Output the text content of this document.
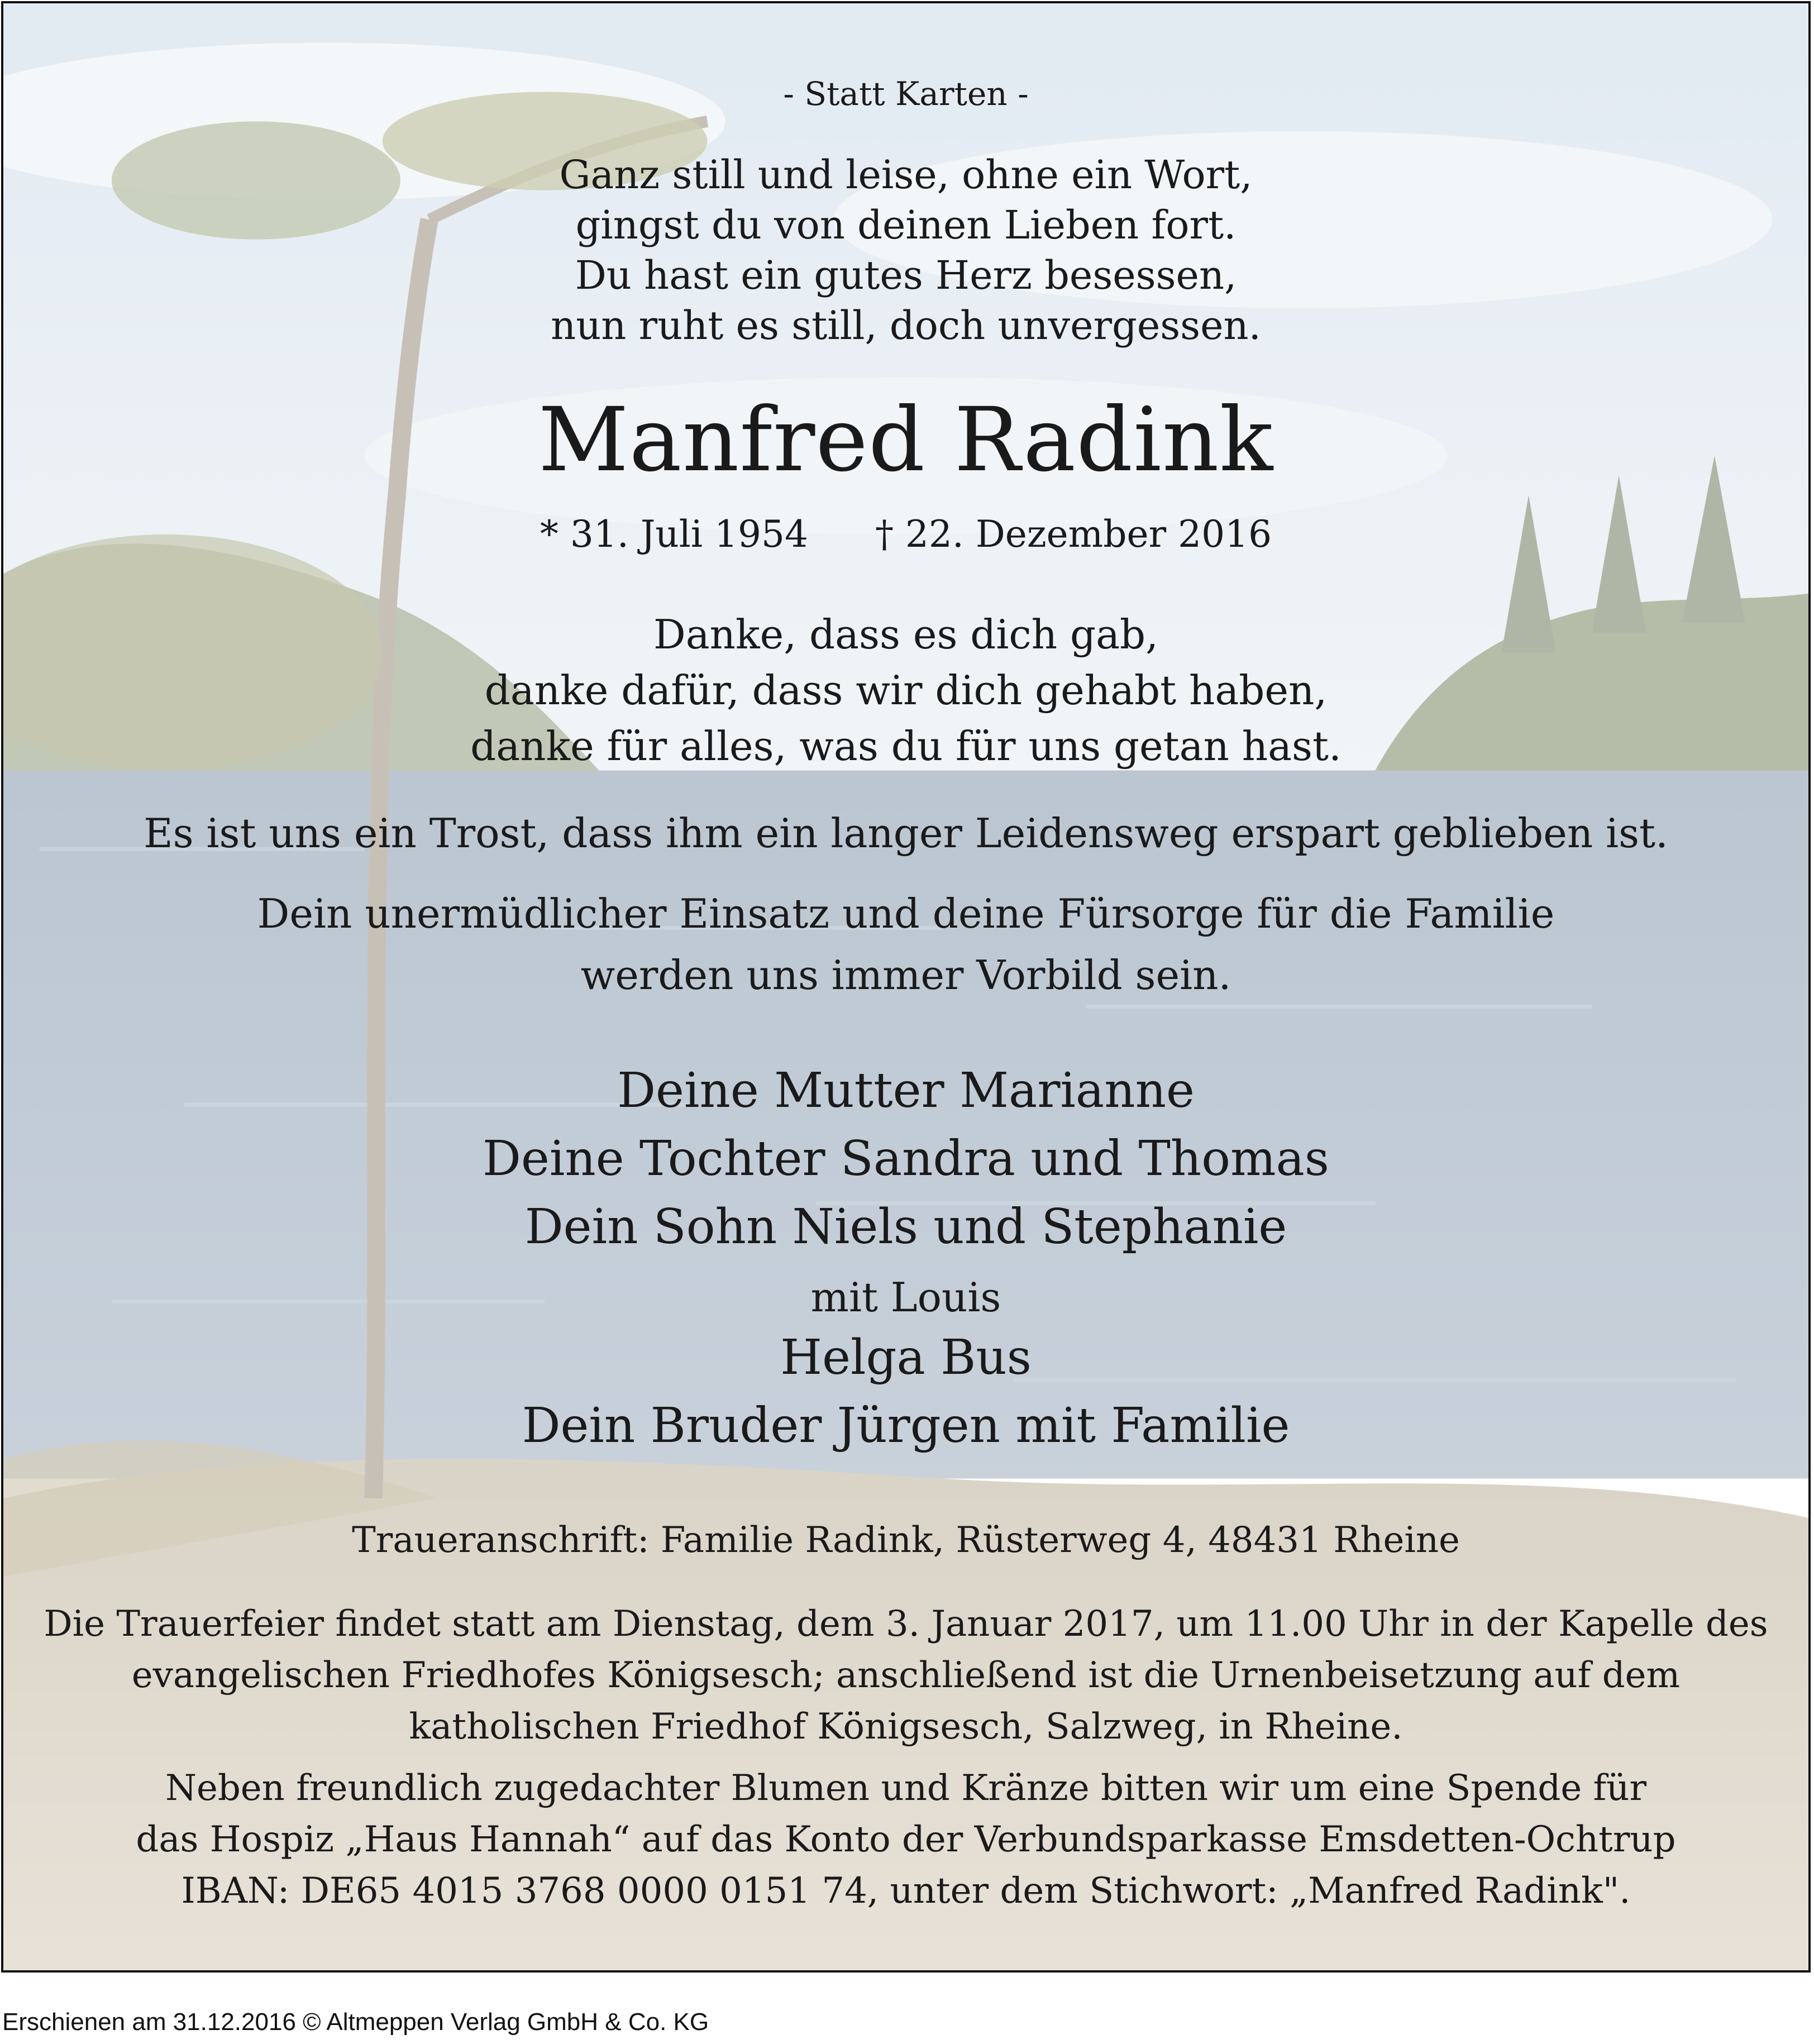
- Statt Karten -
Ganz still und leise, ohne ein Wort,
gingst du von deinen Lieben fort.
Du hast ein gutes Herz besessen,
nun ruht es still, doch unvergessen.
Manfred Radink
* 31. Juli 1954 † 22. Dezember 2016
Danke, dass es dich gab,
danke dafür, dass wir dich gehabt haben,
danke für alles, was du für uns getan hast.
Es ist uns ein Trost, dass ihm ein langer Leidensweg erspart geblieben ist.
Dein unermüdlicher Einsatz und deine Fürsorge für die Familie
werden uns immer Vorbild sein.
Deine Mutter Marianne
Deine Tochter Sandra und Thomas
Dein Sohn Niels und Stephanie
mit Louis
Helga Bus
Dein Bruder Jürgen mit Familie
Traueranschrift: Familie Radink, Rüsterweg 4, 48431 Rheine
Die Trauerfeier findet statt am Dienstag, dem 3. Januar 2017, um 11.00 Uhr in der Kapelle des
evangelischen Friedhofes Königsesch; anschließend ist die Urnenbeisetzung auf dem
katholischen Friedhof Königsesch, Salzweg, in Rheine.
Neben freundlich zugedachter Blumen und Kränze bitten wir um eine Spende für
das Hospiz „Haus Hannah“ auf das Konto der Verbundsparkasse Emsdetten-Ochtrup
IBAN: DE65 4015 3768 0000 0151 74, unter dem Stichwort: „Manfred Radink".
Erschienen am 31.12.2016 © Altmeppen Verlag GmbH & Co. KG
